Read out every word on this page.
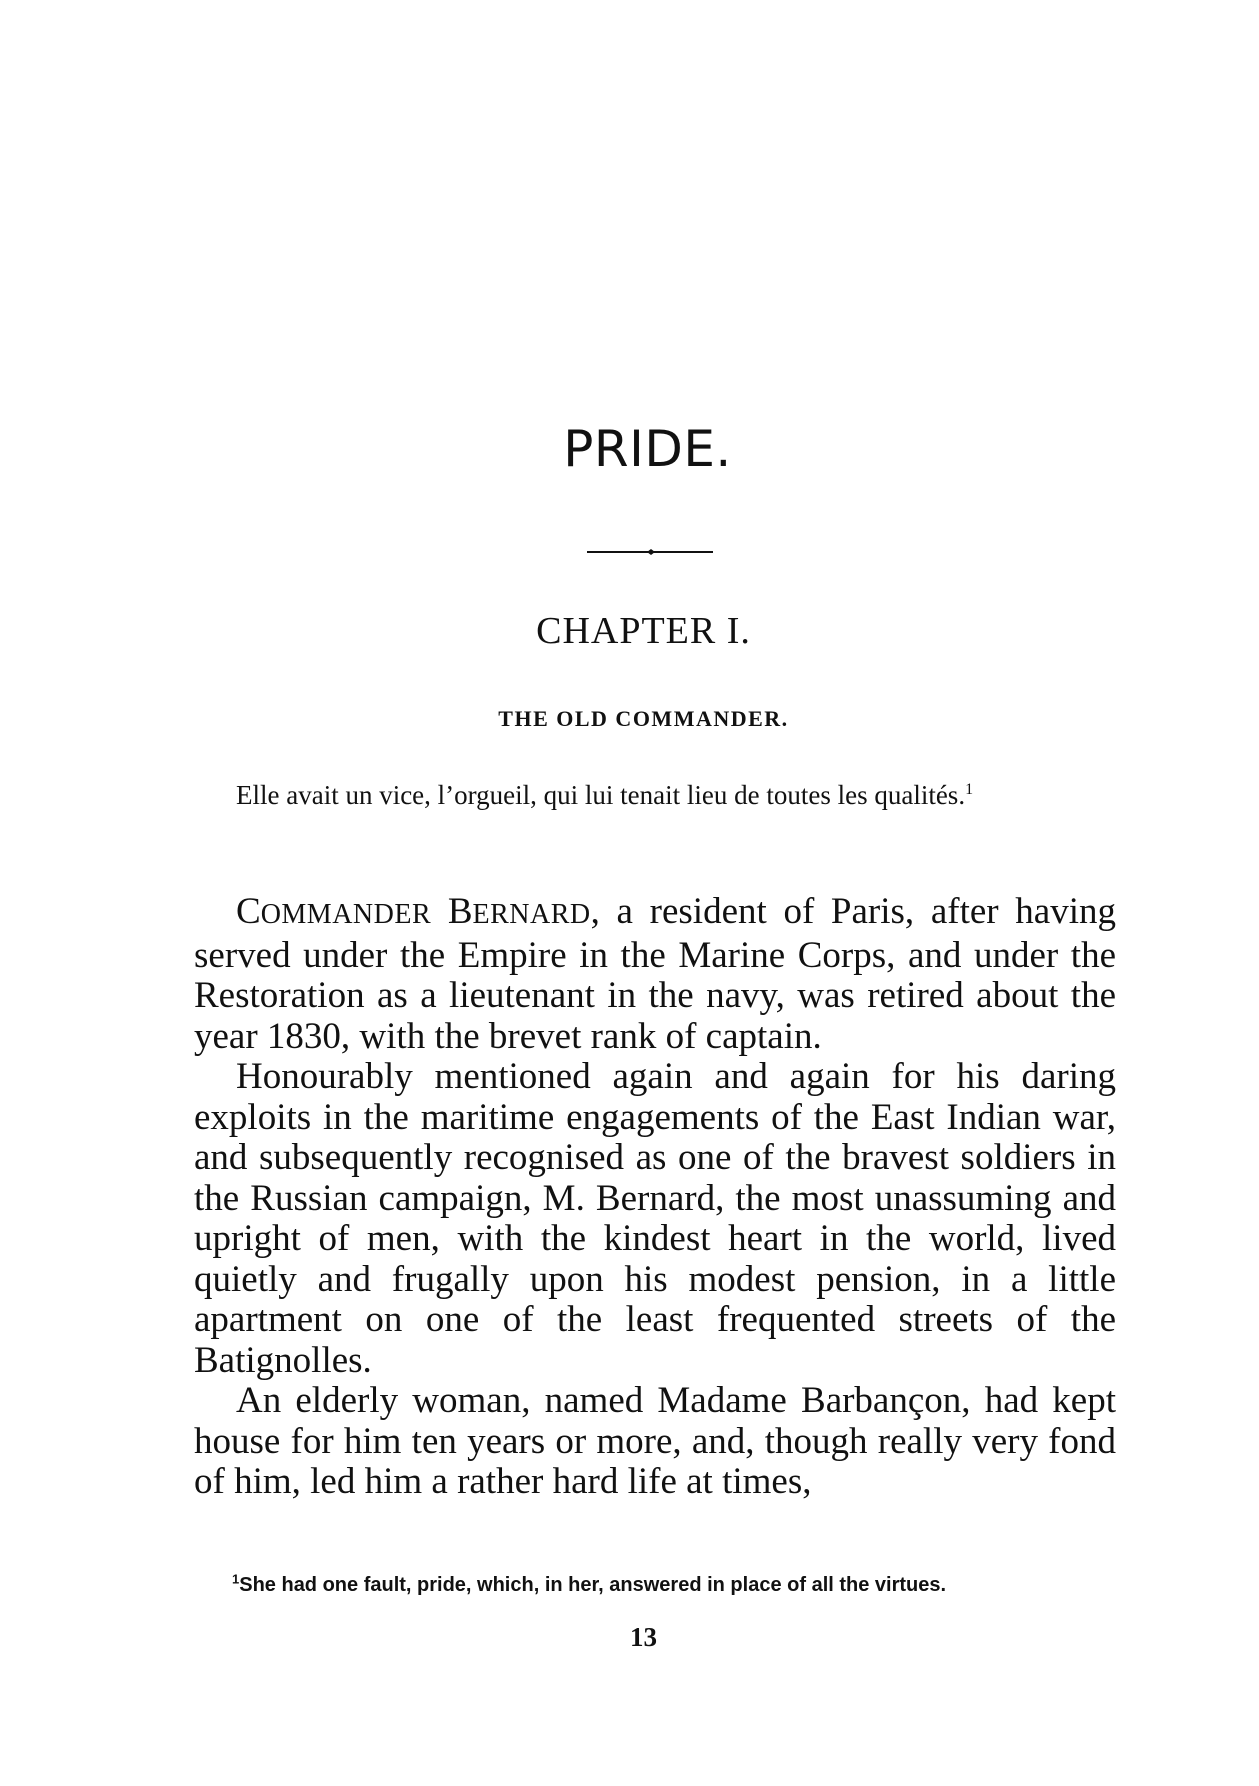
PRIDE.
CHAPTER I.
THE OLD COMMANDER.
Elle avait un vice, l’orgueil, qui lui tenait lieu de toutes les qualités.$^1$

COMMANDER BERNARD, a resident of Paris, after having served under the Empire in the Marine Corps, and under the Restoration as a lieutenant in the navy, was retired about the year 1830, with the brevet rank of captain.

Honourably mentioned again and again for his daring exploits in the maritime engagements of the East Indian war, and subsequently recognised as one of the bravest soldiers in the Russian campaign, M. Bernard, the most unassuming and upright of men, with the kindest heart in the world, lived quietly and frugally upon his modest pension, in a little apartment on one of the least frequented streets of the Batignolles.

An elderly woman, named Madame Barbançon, had kept house for him ten years or more, and, though really very fond of him, led him a rather hard life at times,

$^1$She had one fault, pride, which, in her, answered in place of all the virtues.
13
